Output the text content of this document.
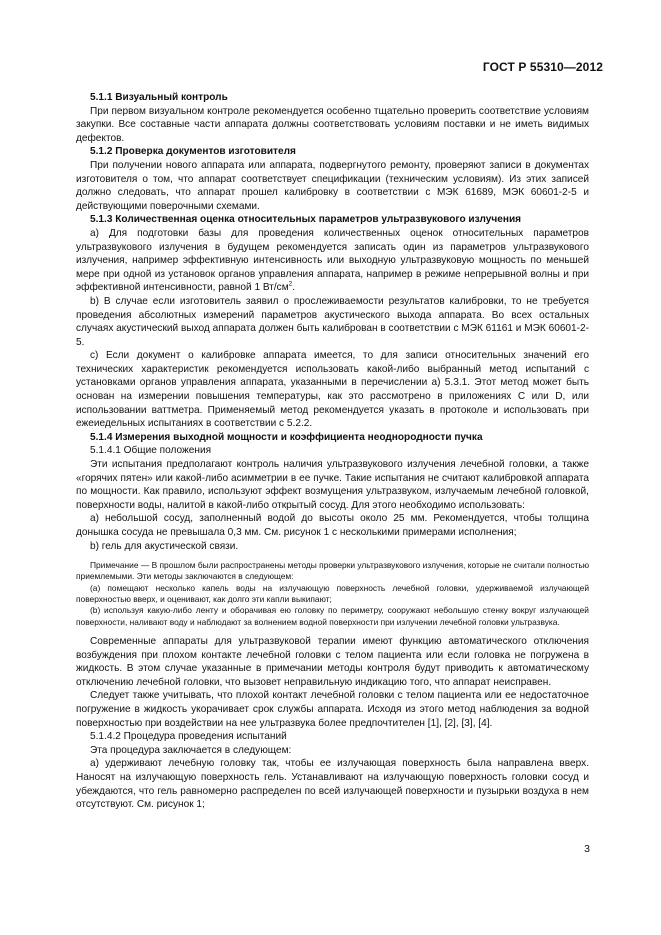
ГОСТ Р 55310—2012

5.1.1 Визуальный контроль

При первом визуальном контроле рекомендуется особенно тщательно проверить соответствие условиям закупки. Все составные части аппарата должны соответствовать условиям поставки и не иметь видимых дефектов.

5.1.2 Проверка документов изготовителя

При получении нового аппарата или аппарата, подвергнутого ремонту, проверяют записи в документах изготовителя о том, что аппарат соответствует спецификации (техническим условиям). Из этих записей должно следовать, что аппарат прошел калибровку в соответствии с МЭК 61689, МЭК 60601-2-5 и действующими поверочными схемами.

5.1.3 Количественная оценка относительных параметров ультразвукового излучения

а) Для подготовки базы для проведения количественных оценок относительных параметров ультразвукового излучения в будущем рекомендуется записать один из параметров ультразвукового излучения, например эффективную интенсивность или выходную ультразвуковую мощность по меньшей мере при одной из установок органов управления аппарата, например в режиме непрерывной волны и при эффективной интенсивности, равной 1 $Вт/см^2$.

b) В случае если изготовитель заявил о прослеживаемости результатов калибровки, то не требуется проведения абсолютных измерений параметров акустического выхода аппарата. Во всех остальных случаях акустический выход аппарата должен быть калиброван в соответствии с МЭК 61161 и МЭК 60601-2-5.

c) Если документ о калибровке аппарата имеется, то для записи относительных значений его технических характеристик рекомендуется использовать какой-либо выбранный метод испытаний с установками органов управления аппарата, указанными в перечислении а) 5.3.1. Этот метод может быть основан на измерении повышения температуры, как это рассмотрено в приложениях C или D, или использовании ваттметра. Применяемый метод рекомендуется указать в протоколе и использовать при ежеиедельных испытаниях в соответствии с 5.2.2.

5.1.4 Измерения выходной мощности и коэффициента неоднородности пучка

5.1.4.1 Общие положения

Эти испытания предполагают контроль наличия ультразвукового излучения лечебной головки, а также «горячих пятен» или какой-либо асимметрии в ее пучке. Такие испытания не считают калибровкой аппарата по мощности. Как правило, используют эффект возмущения ультразвуком, излучаемым лечебной головкой, поверхности воды, налитой в какой-либо открытый сосуд. Для этого необходимо использовать:

а) небольшой сосуд, заполненный водой до высоты около 25 мм. Рекомендуется, чтобы толщина донышка сосуда не превышала 0,3 мм. См. рисунок 1 с несколькими примерами исполнения;

b) гель для акустической связи.

Примечание — В прошлом были распространены методы проверки ультразвукового излучения, которые не считали полностью приемлемыми. Эти методы заключаются в следующем:

(а) помещают несколько капель воды на излучающую поверхность лечебной головки, удерживаемой излучающей поверхностью вверх, и оценивают, как долго эти капли выкипают;

(b) используя какую-либо ленту и оборачивая ею головку по периметру, сооружают небольшую стенку вокруг излучающей поверхности, наливают воду и наблюдают за волнением водной поверхности при излучении лечебной головки ультразвука.

Современные аппараты для ультразвуковой терапии имеют функцию автоматического отключения возбуждения при плохом контакте лечебной головки с телом пациента или если головка не погружена в жидкость. В этом случае указанные в примечании методы контроля будут приводить к автоматическому отключению лечебной головки, что вызовет неправильную индикацию того, что аппарат неисправен.

Следует также учитывать, что плохой контакт лечебной головки с телом пациента или ее недостаточное погружение в жидкость укорачивает срок службы аппарата. Исходя из этого метод наблюдения за водной поверхностью при воздействии на нее ультразвука более предпочтителен [1], [2], [3], [4].

5.1.4.2 Процедура проведения испытаний

Эта процедура заключается в следующем:

а) удерживают лечебную головку так, чтобы ее излучающая поверхность была направлена вверх. Наносят на излучающую поверхность гель. Устанавливают на излучающую поверхность головки сосуд и убеждаются, что гель равномерно распределен по всей излучающей поверхности и пузырьки воздуха в нем отсутствуют. См. рисунок 1;

3
